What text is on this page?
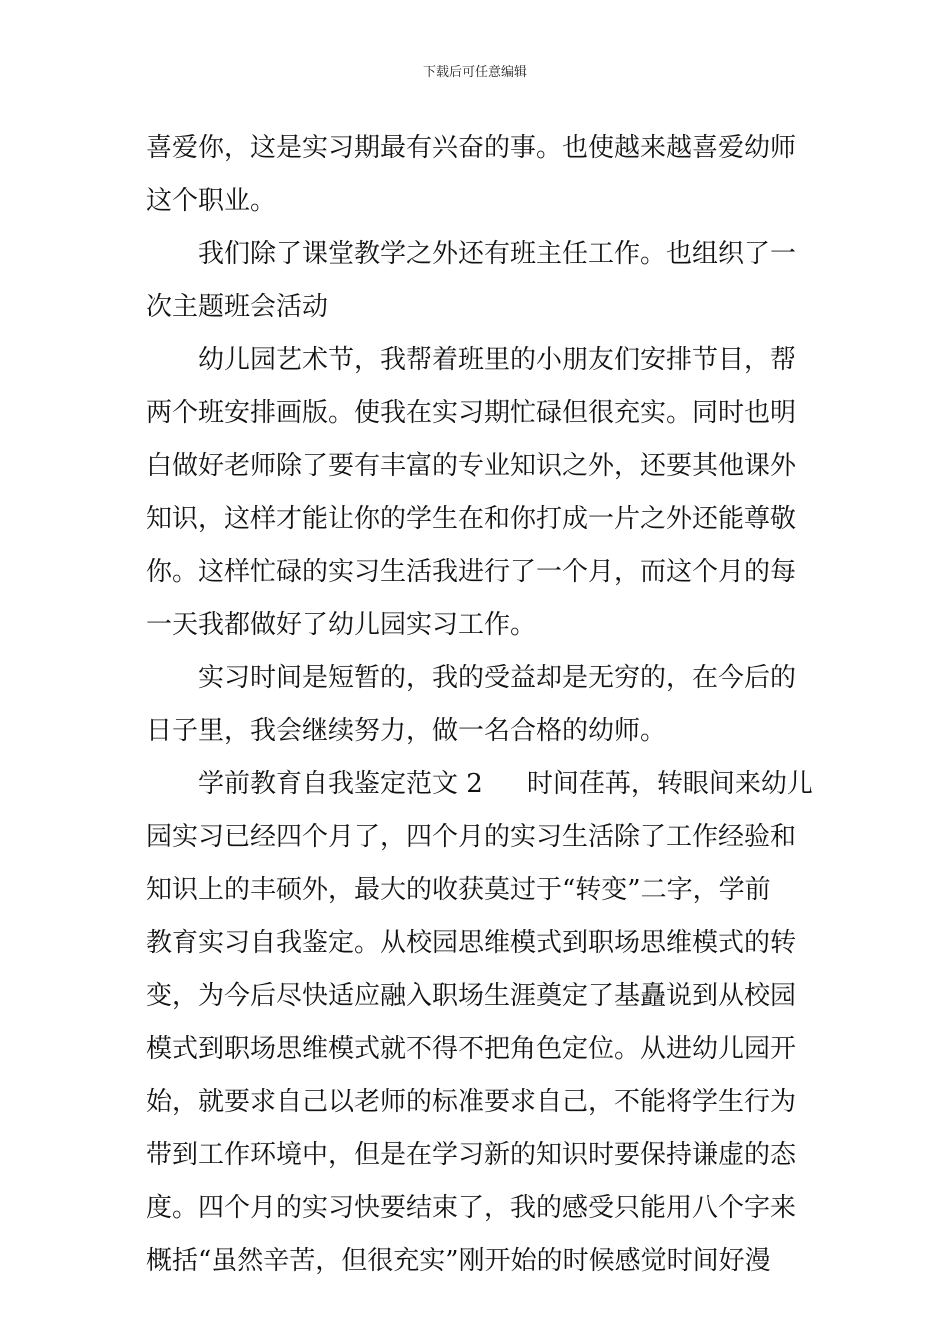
下载后可任意编辑
喜爱你，这是实习期最有兴奋的事。也使越来越喜爱幼师
这个职业。
我们除了课堂教学之外还有班主任工作。也组织了一
次主题班会活动
幼儿园艺术节，我帮着班里的小朋友们安排节目，帮
两个班安排画版。使我在实习期忙碌但很充实。同时也明
白做好老师除了要有丰富的专业知识之外，还要其他课外
知识，这样才能让你的学生在和你打成一片之外还能尊敬
你。这样忙碌的实习生活我进行了一个月，而这个月的每
一天我都做好了幼儿园实习工作。
实习时间是短暂的，我的受益却是无穷的，在今后的
日子里，我会继续努力，做一名合格的幼师。
学前教育自我鉴定范文 2 时间荏苒，转眼间来幼儿
园实习已经四个月了，四个月的实习生活除了工作经验和
知识上的丰硕外，最大的收获莫过于“转变”二字，学前
教育实习自我鉴定。从校园思维模式到职场思维模式的转
变，为今后尽快适应融入职场生涯奠定了基矗说到从校园
模式到职场思维模式就不得不把角色定位。从进幼儿园开
始，就要求自己以老师的标准要求自己，不能将学生行为
带到工作环境中，但是在学习新的知识时要保持谦虚的态
度。四个月的实习快要结束了，我的感受只能用八个字来
概括“虽然辛苦，但很充实”刚开始的时候感觉时间好漫
